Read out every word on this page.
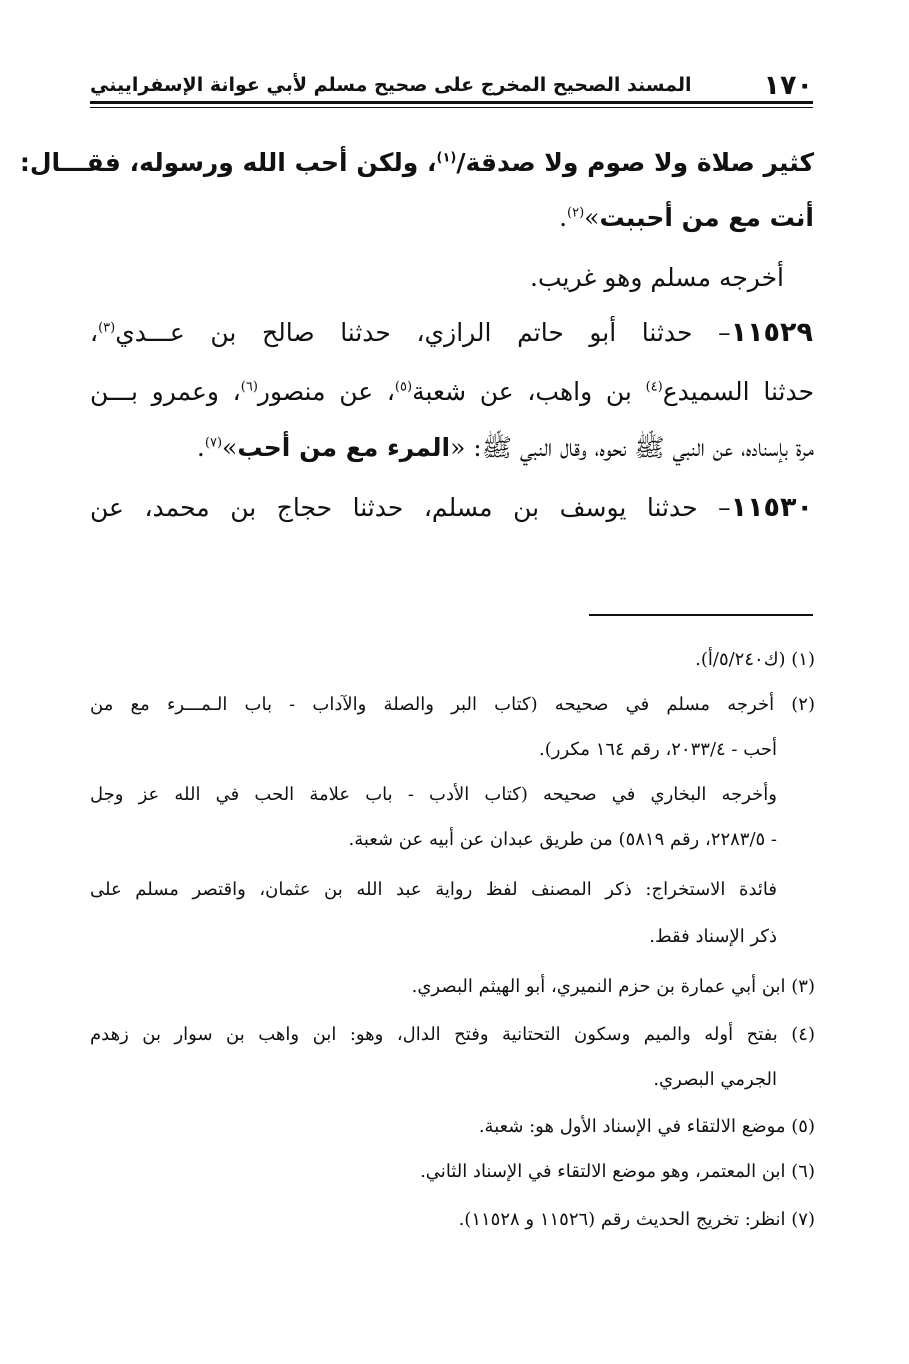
١٧٠
المسند الصحيح المخرج على صحيح مسلم لأبي عوانة الإسفراييني
كثير صلاة ولا صوم ولا صدقة/$^{(١)}$، ولكن أحب الله ورسوله، فقـــال:
أنت مع من أحببت»$^{(٢)}$.
أخرجه مسلم وهو غريب.
١١٥٢٩– حدثنا أبو حاتم الرازي، حدثنا صالح بن عـــدي$^{(٣)}$،
حدثنا السميدع$^{(٤)}$ بن واهب، عن شعبة$^{(٥)}$، عن منصور$^{(٦)}$، وعمرو بـــن
مرة بإسناده، عن النبي ﷺ نحوه، وقال النبي ﷺ: «المرء مع من أحب»$^{(٧)}$.
١١٥٣٠– حدثنا يوسف بن مسلم، حدثنا حجاج بن محمد، عن
(١) (ك٥/٢٤٠/أ).
(٢) أخرجه مسلم في صحيحه (كتاب البر والصلة والآداب - باب الـمـــرء مع من
أحب - ٢٠٣٣/٤، رقم ١٦٤ مكرر).
وأخرجه البخاري في صحيحه (كتاب الأدب - باب علامة الحب في الله عز وجل
- ٢٢٨٣/٥، رقم ٥٨١٩) من طريق عبدان عن أبيه عن شعبة.
فائدة الاستخراج: ذكر المصنف لفظ رواية عبد الله بن عثمان، واقتصر مسلم على
ذكر الإسناد فقط.
(٣) ابن أبي عمارة بن حزم النميري، أبو الهيثم البصري.
(٤) بفتح أوله والميم وسكون التحتانية وفتح الدال، وهو: ابن واهب بن سوار بن زهدم
الجرمي البصري.
(٥) موضع الالتقاء في الإسناد الأول هو: شعبة.
(٦) ابن المعتمر، وهو موضع الالتقاء في الإسناد الثاني.
(٧) انظر: تخريج الحديث رقم (١١٥٢٦ و ١١٥٢٨).
